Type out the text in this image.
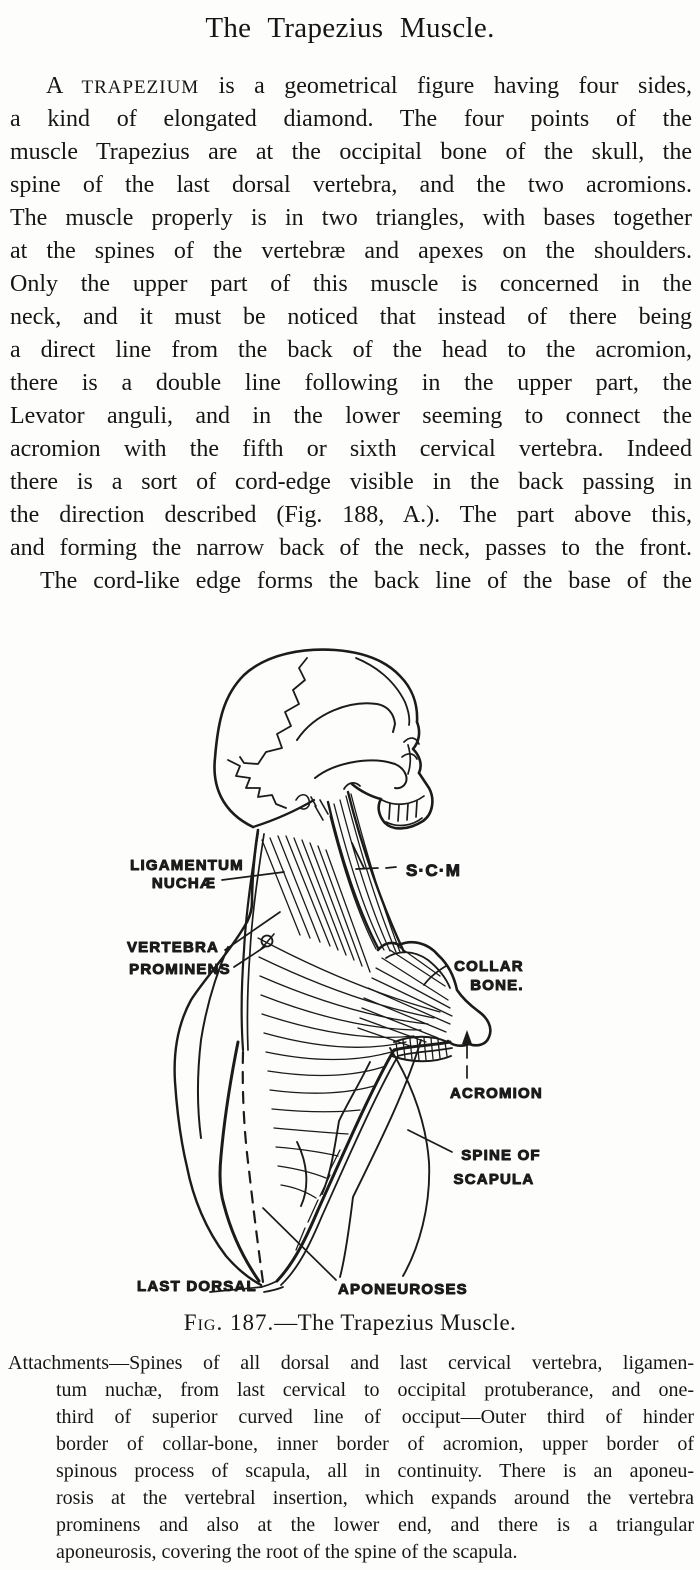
The Trapezius Muscle.
A TRAPEZIUM is a geometrical figure having four sides,
a kind of elongated diamond. The four points of the
muscle Trapezius are at the occipital bone of the skull, the
spine of the last dorsal vertebra, and the two acromions.
The muscle properly is in two triangles, with bases together
at the spines of the vertebræ and apexes on the shoulders.
Only the upper part of this muscle is concerned in the
neck, and it must be noticed that instead of there being
a direct line from the back of the head to the acromion,
there is a double line following in the upper part, the
Levator anguli, and in the lower seeming to connect the
acromion with the fifth or sixth cervical vertebra. Indeed
there is a sort of cord-edge visible in the back passing in
the direction described (Fig. 188, A.). The part above this,
and forming the narrow back of the neck, passes to the front.
The cord-like edge forms the back line of the base of the
LIGAMENTUM
NUCHÆ
S·C·M
VERTEBRA
PROMINENS	COLLAR
BONE.
ACROMION
SPINE OF
SCAPULA
LAST DORSAL	APONEUROSES
Fig. 187.—The Trapezius Muscle.
Attachments—Spines of all dorsal and last cervical vertebra, ligamen-
tum nuchæ, from last cervical to occipital protuberance, and one-
third of superior curved line of occiput—Outer third of hinder
border of collar-bone, inner border of acromion, upper border of
spinous process of scapula, all in continuity. There is an aponeu-
rosis at the vertebral insertion, which expands around the vertebra
prominens and also at the lower end, and there is a triangular
aponeurosis, covering the root of the spine of the scapula.
